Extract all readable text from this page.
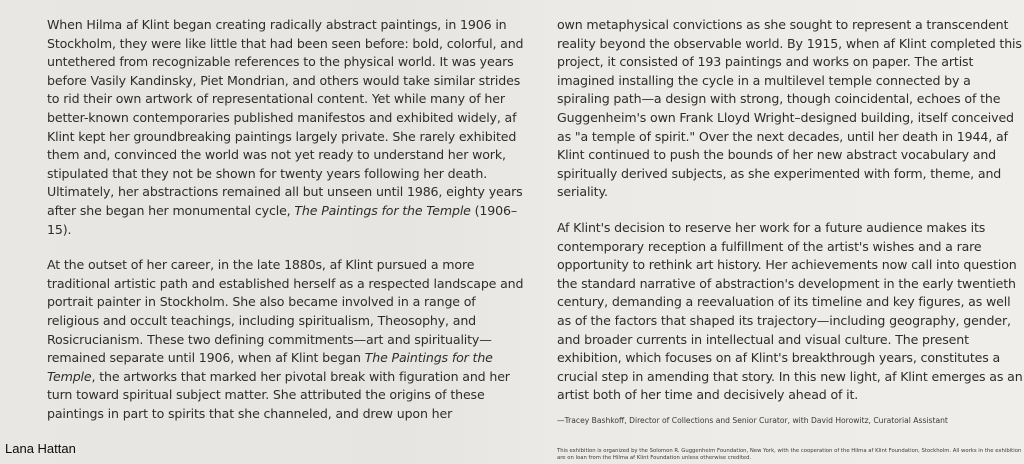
When Hilma af Klint began creating radically abstract paintings, in 1906 in Stockholm, they were like little that had been seen before: bold, colorful, and untethered from recognizable references to the physical world. It was years before Vasily Kandinsky, Piet Mondrian, and others would take similar strides to rid their own artwork of representational content. Yet while many of her better-known contemporaries published manifestos and exhibited widely, af Klint kept her groundbreaking paintings largely private. She rarely exhibited them and, convinced the world was not yet ready to understand her work, stipulated that they not be shown for twenty years following her death. Ultimately, her abstractions remained all but unseen until 1986, eighty years after she began her monumental cycle, The Paintings for the Temple (1906–15).

At the outset of her career, in the late 1880s, af Klint pursued a more traditional artistic path and established herself as a respected landscape and portrait painter in Stockholm. She also became involved in a range of religious and occult teachings, including spiritualism, Theosophy, and Rosicrucianism. These two defining commitments—art and spirituality—remained separate until 1906, when af Klint began The Paintings for the Temple, the artworks that marked her pivotal break with figuration and her turn toward spiritual subject matter. She attributed the origins of these paintings in part to spirits that she channeled, and drew upon her

own metaphysical convictions as she sought to represent a transcendent reality beyond the observable world. By 1915, when af Klint completed this project, it consisted of 193 paintings and works on paper. The artist imagined installing the cycle in a multilevel temple connected by a spiraling path—a design with strong, though coincidental, echoes of the Guggenheim's own Frank Lloyd Wright–designed building, itself conceived as "a temple of spirit." Over the next decades, until her death in 1944, af Klint continued to push the bounds of her new abstract vocabulary and spiritually derived subjects, as she experimented with form, theme, and seriality.

Af Klint's decision to reserve her work for a future audience makes its contemporary reception a fulfillment of the artist's wishes and a rare opportunity to rethink art history. Her achievements now call into question the standard narrative of abstraction's development in the early twentieth century, demanding a reevaluation of its timeline and key figures, as well as of the factors that shaped its trajectory—including geography, gender, and broader currents in intellectual and visual culture. The present exhibition, which focuses on af Klint's breakthrough years, constitutes a crucial step in amending that story. In this new light, af Klint emerges as an artist both of her time and decisively ahead of it.

—Tracey Bashkoff, Director of Collections and Senior Curator, with David Horowitz, Curatorial Assistant
This exhibition is organized by the Solomon R. Guggenheim Foundation, New York, with the cooperation of the Hilma af Klint Foundation, Stockholm. All works in the exhibition are on loan from the Hilma af Klint Foundation unless otherwise credited.
Lana Hattan
